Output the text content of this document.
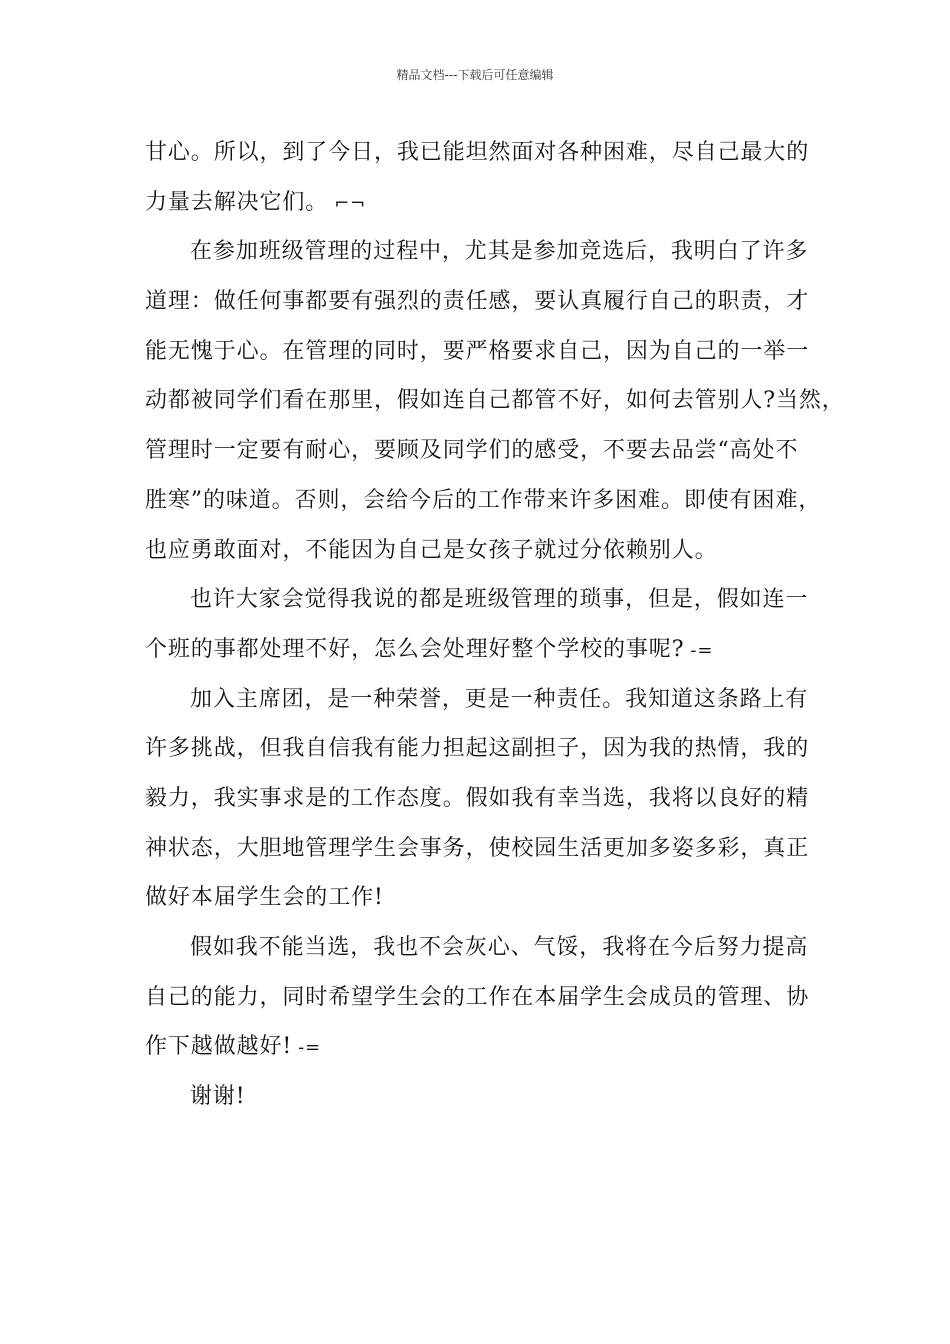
精品文档---下载后可任意编辑
甘心。所以，到了今日，我已能坦然面对各种困难，尽自己最大的
力量去解决它们。 ⌐¬
在参加班级管理的过程中，尤其是参加竞选后，我明白了许多
道理：做任何事都要有强烈的责任感，要认真履行自己的职责，才
能无愧于心。在管理的同时，要严格要求自己，因为自己的一举一
动都被同学们看在那里，假如连自己都管不好，如何去管别人?当然，
管理时一定要有耐心，要顾及同学们的感受，不要去品尝“高处不
胜寒”的味道。否则，会给今后的工作带来许多困难。即使有困难，
也应勇敢面对，不能因为自己是女孩子就过分依赖别人。
也许大家会觉得我说的都是班级管理的琐事，但是，假如连一
个班的事都处理不好，怎么会处理好整个学校的事呢? -=
加入主席团，是一种荣誉，更是一种责任。我知道这条路上有
许多挑战，但我自信我有能力担起这副担子，因为我的热情，我的
毅力，我实事求是的工作态度。假如我有幸当选，我将以良好的精
神状态，大胆地管理学生会事务，使校园生活更加多姿多彩，真正
做好本届学生会的工作!
假如我不能当选，我也不会灰心、气馁，我将在今后努力提高
自己的能力，同时希望学生会的工作在本届学生会成员的管理、协
作下越做越好! -=
谢谢!
